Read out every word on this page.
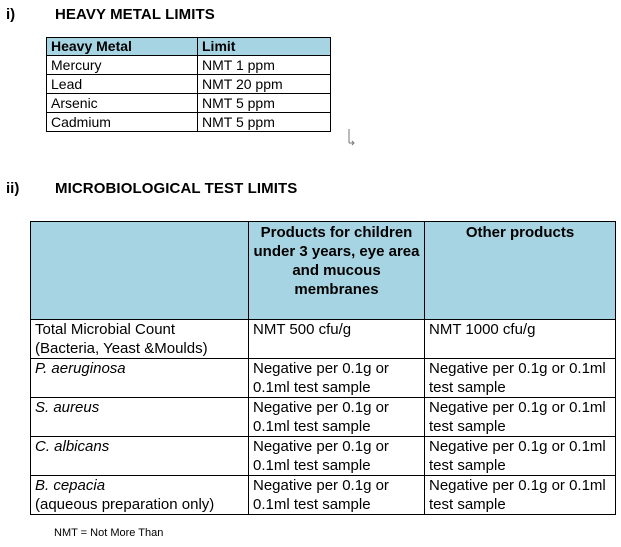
i)	HEAVY METAL LIMITS
Heavy Metal	Limit
Mercury	NMT 1 ppm
Lead	NMT 20 ppm
Arsenic	NMT 5 ppm
Cadmium	NMT 5 ppm
ii) MICROBIOLOGICAL TEST LIMITS
	Products for children under 3 years, eye area and mucous membranes	Other products

Total Microbial Count
(Bacteria, Yeast &Moulds)	NMT 500 cfu/g	NMT 1000 cfu/g

P. aeruginosa	Negative per 0.1g or 0.1ml test sample	Negative per 0.1g or 0.1ml test sample

S. aureus	Negative per 0.1g or 0.1ml test sample	Negative per 0.1g or 0.1ml test sample

C. albicans	Negative per 0.1g or 0.1ml test sample	Negative per 0.1g or 0.1ml test sample

B. cepacia
(aqueous preparation only)	Negative per 0.1g or 0.1ml test sample	Negative per 0.1g or 0.1ml test sample
NMT = Not More Than
